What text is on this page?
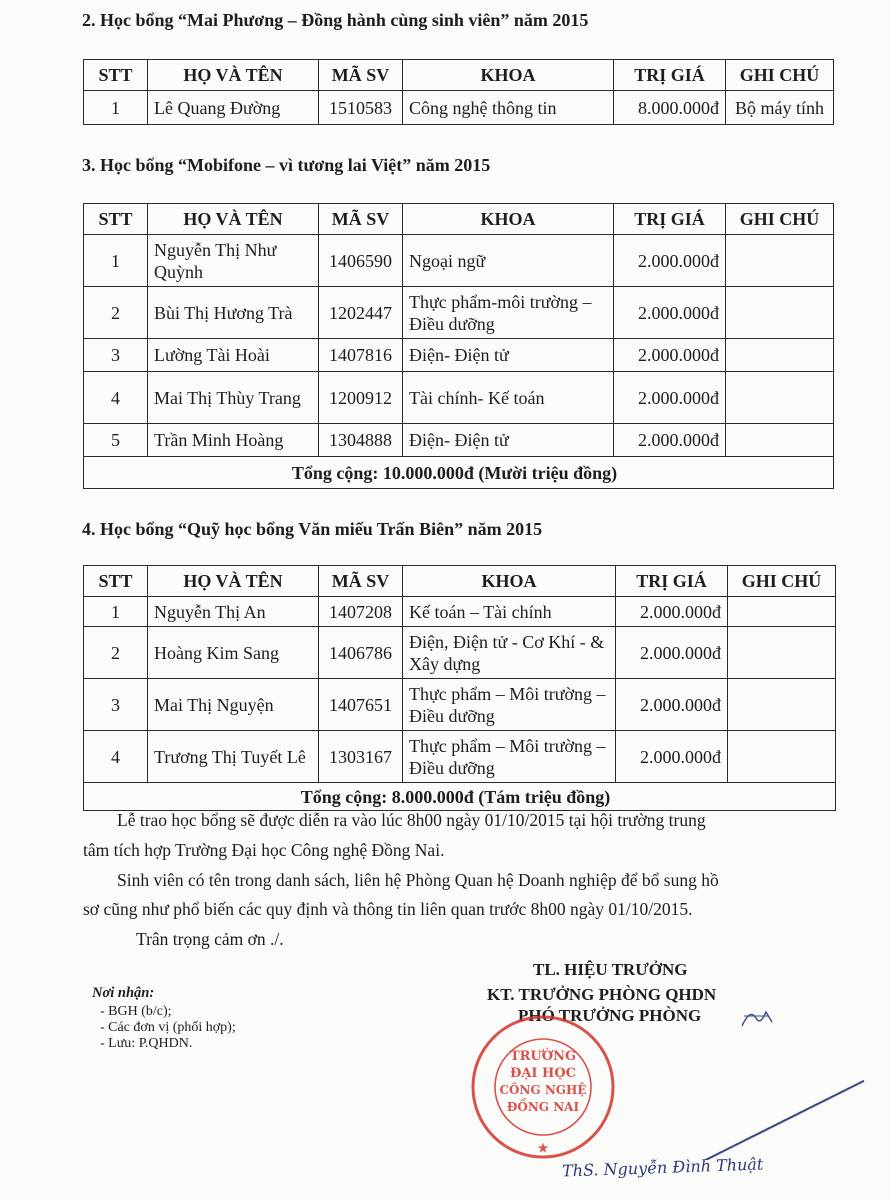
2. Học bổng “Mai Phương – Đồng hành cùng sinh viên” năm 2015
STT	HỌ VÀ TÊN	MÃ SV	KHOA	TRỊ GIÁ	GHI CHÚ
1	Lê Quang Đường	1510583	Công nghệ thông tin	8.000.000đ	Bộ máy tính
3. Học bổng “Mobifone – vì tương lai Việt” năm 2015
STT	HỌ VÀ TÊN	MÃ SV	KHOA	TRỊ GIÁ	GHI CHÚ
1	Nguyễn Thị Như Quỳnh	1406590	Ngoại ngữ	2.000.000đ	
2	Bùi Thị Hương Trà	1202447	Thực phẩm-môi trường –Điều dưỡng	2.000.000đ	
3	Lường Tài Hoài	1407816	Điện- Điện tử	2.000.000đ	
4	Mai Thị Thùy Trang	1200912	Tài chính- Kế toán	2.000.000đ	
5	Trần Minh Hoàng	1304888	Điện- Điện tử	2.000.000đ	
Tổng cộng: 10.000.000đ (Mười triệu đồng)					
4. Học bổng “Quỹ học bổng Văn miếu Trấn Biên” năm 2015
STT	HỌ VÀ TÊN	MÃ SV	KHOA	TRỊ GIÁ	GHI CHÚ
1	Nguyễn Thị An	1407208	Kế toán – Tài chính	2.000.000đ	
2	Hoàng Kim Sang	1406786	Điện, Điện tử - Cơ Khí - & Xây dựng	2.000.000đ	
3	Mai Thị Nguyện	1407651	Thực phẩm – Môi trường – Điều dưỡng	2.000.000đ	
4	Trương Thị Tuyết Lê	1303167	Thực phẩm – Môi trường – Điều dưỡng	2.000.000đ	
Tổng cộng: 8.000.000đ (Tám triệu đồng)					
Lễ trao học bổng sẽ được diễn ra vào lúc 8h00 ngày 01/10/2015 tại hội trường trung
tâm tích hợp Trường Đại học Công nghệ Đồng Nai.
Sinh viên có tên trong danh sách, liên hệ Phòng Quan hệ Doanh nghiệp để bổ sung hồ
sơ cũng như phổ biến các quy định và thông tin liên quan trước 8h00 ngày 01/10/2015.
Trân trọng cảm ơn ./.
TL. HIỆU TRƯỞNG
KT. TRƯỞNG PHÒNG QHDN
PHÓ TRƯỞNG PHÒNG
Nơi nhận:
- BGH (b/c);
- Các đơn vị (phối hợp);
- Lưu: P.QHDN.
TRƯỜNG
ĐẠI HỌC
CÔNG NGHỆ
ĐỒNG NAI
★
ThS. Nguyễn Đình Thuật
